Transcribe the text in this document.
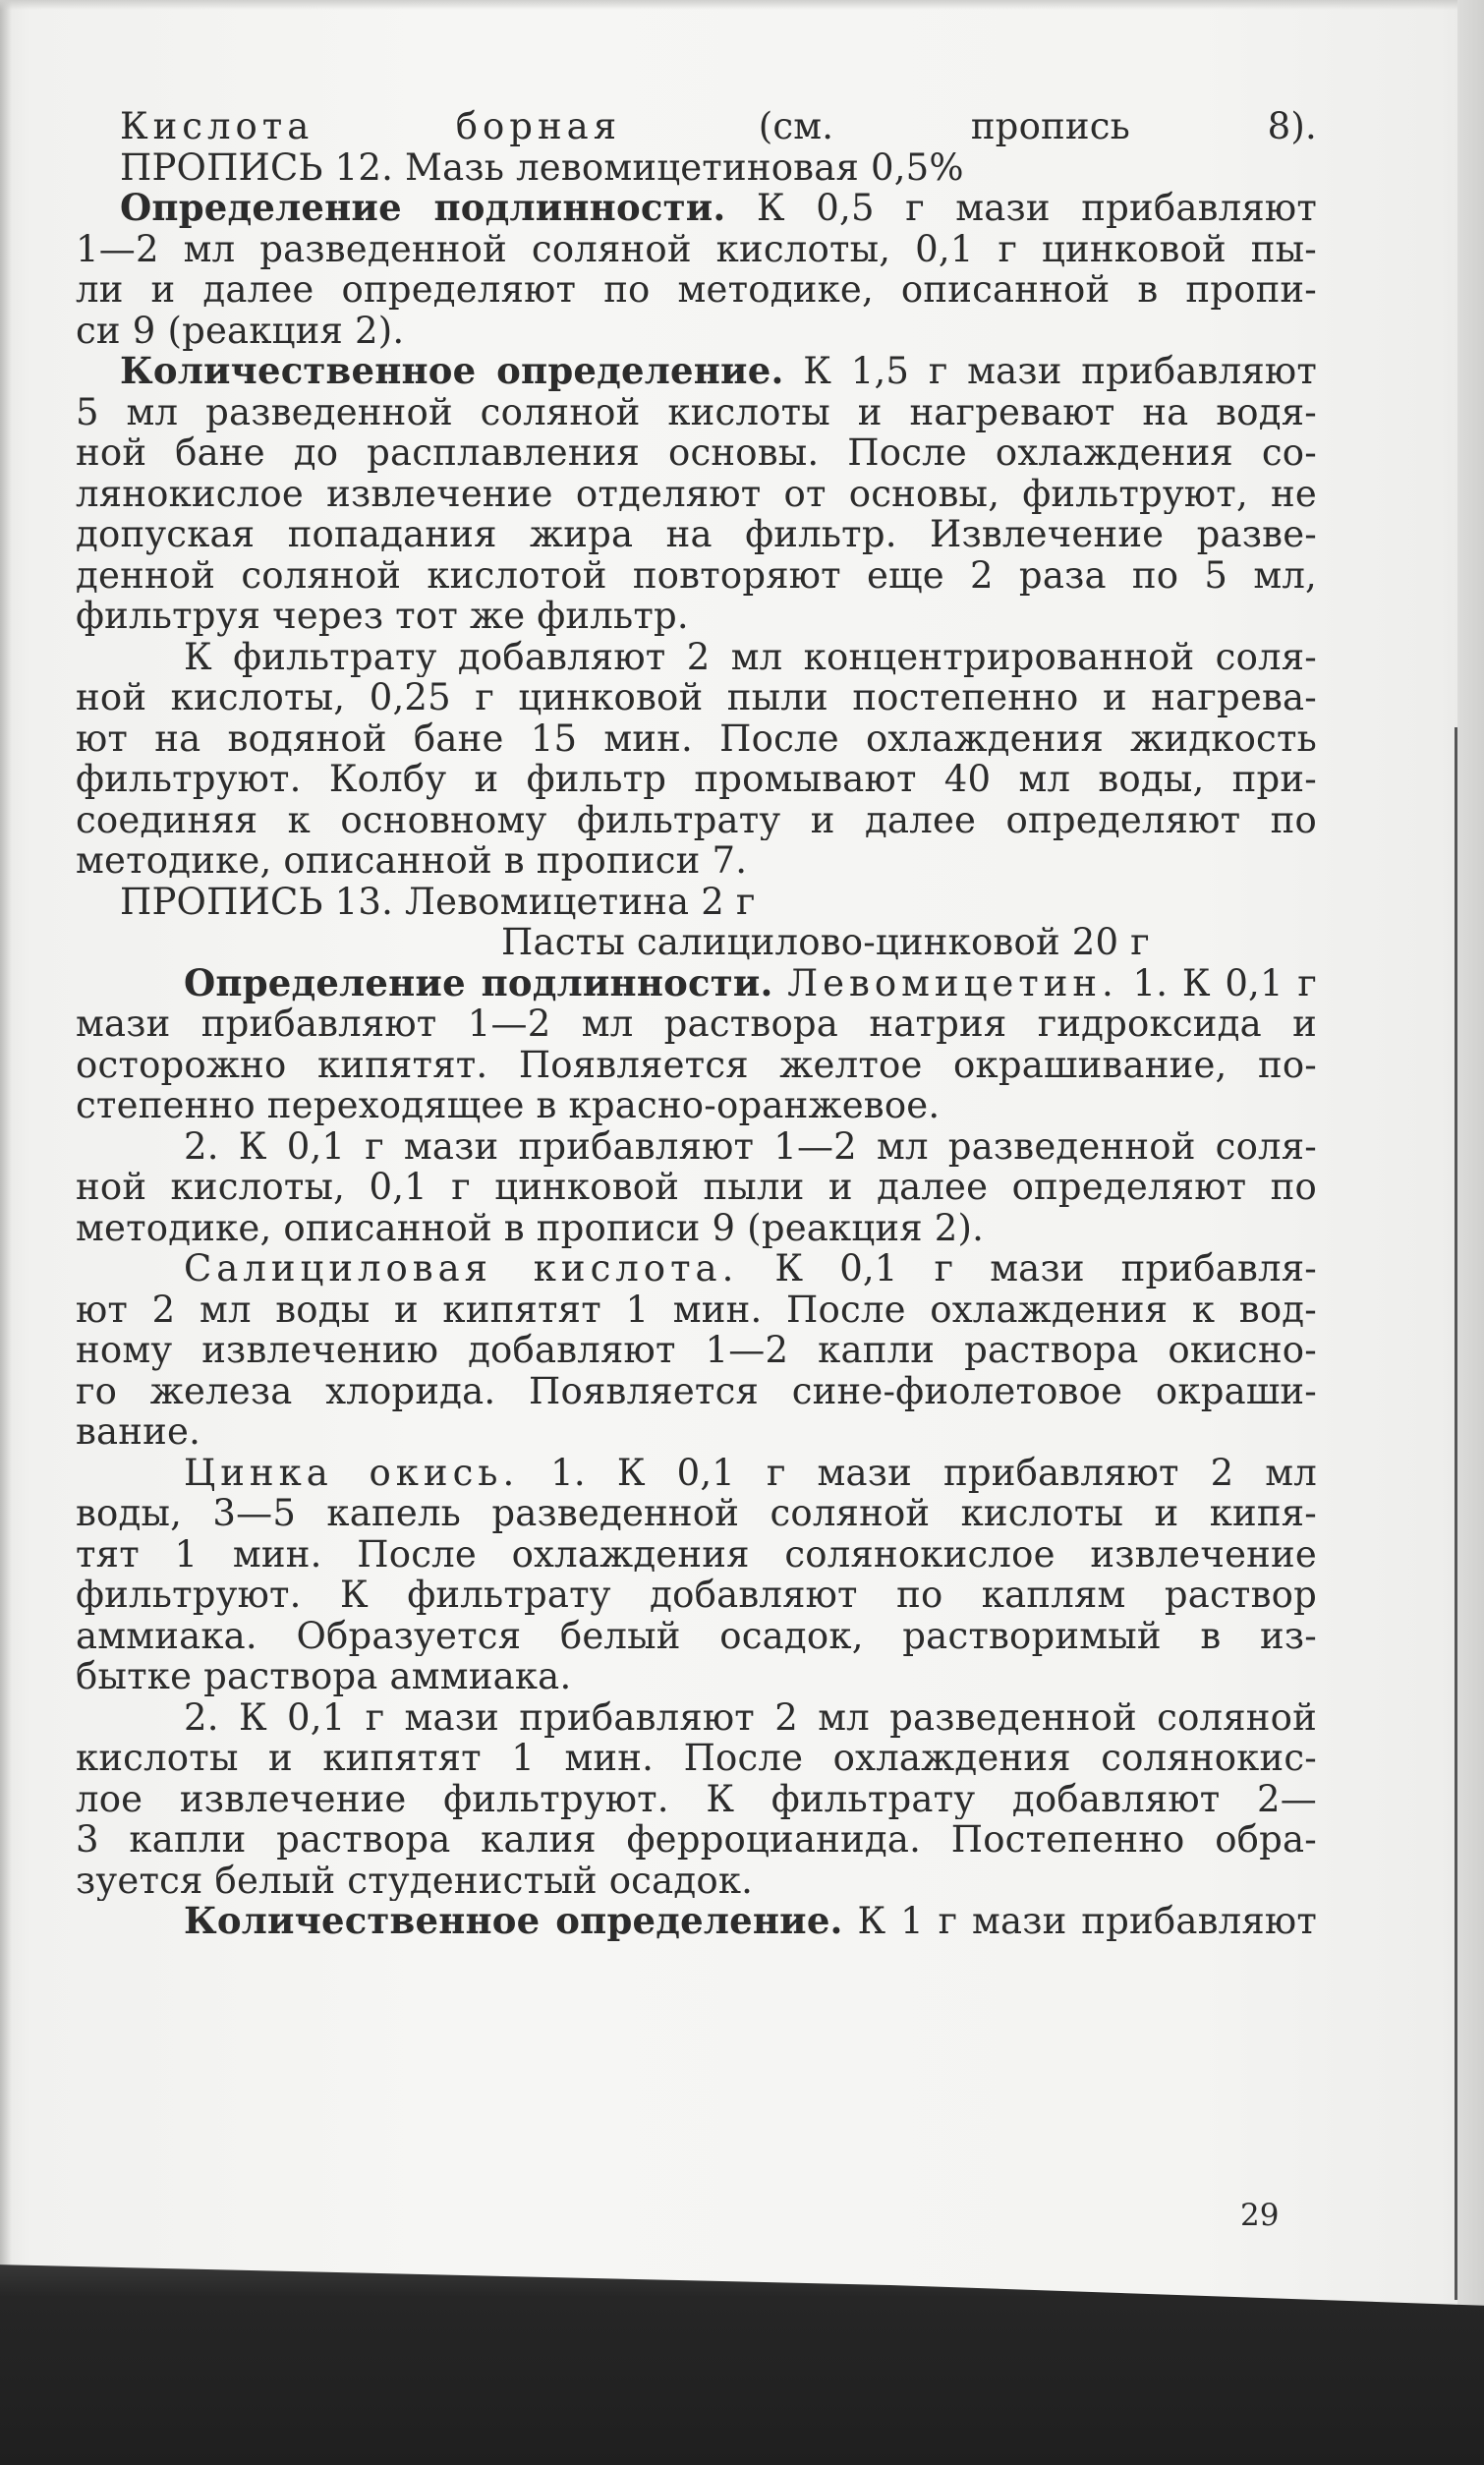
Кислота борная (см. пропись 8).
ПРОПИСЬ 12. Мазь левомицетиновая 0,5%
Определение подлинности. К 0,5 г мази прибавляют
1—2 мл разведенной соляной кислоты, 0,1 г цинковой пы-
ли и далее определяют по методике, описанной в пропи-
си 9 (реакция 2).
Количественное определение. К 1,5 г мази прибавляют
5 мл разведенной соляной кислоты и нагревают на водя-
ной бане до расплавления основы. После охлаждения со-
лянокислое извлечение отделяют от основы, фильтруют, не
допуская попадания жира на фильтр. Извлечение разве-
денной соляной кислотой повторяют еще 2 раза по 5 мл,
фильтруя через тот же фильтр.
К фильтрату добавляют 2 мл концентрированной соля-
ной кислоты, 0,25 г цинковой пыли постепенно и нагрева-
ют на водяной бане 15 мин. После охлаждения жидкость
фильтруют. Колбу и фильтр промывают 40 мл воды, при-
соединяя к основному фильтрату и далее определяют по
методике, описанной в прописи 7.
ПРОПИСЬ 13. Левомицетина 2 г
Пасты салицилово-цинковой 20 г
Определение подлинности. Левомицетин. 1. К 0,1 г
мази прибавляют 1—2 мл раствора натрия гидроксида и
осторожно кипятят. Появляется желтое окрашивание, по-
степенно переходящее в красно-оранжевое.
2. К 0,1 г мази прибавляют 1—2 мл разведенной соля-
ной кислоты, 0,1 г цинковой пыли и далее определяют по
методике, описанной в прописи 9 (реакция 2).
Салициловая кислота. К 0,1 г мази прибавля-
ют 2 мл воды и кипятят 1 мин. После охлаждения к вод-
ному извлечению добавляют 1—2 капли раствора окисно-
го железа хлорида. Появляется сине-фиолетовое окраши-
вание.
Цинка окись. 1. К 0,1 г мази прибавляют 2 мл
воды, 3—5 капель разведенной соляной кислоты и кипя-
тят 1 мин. После охлаждения солянокислое извлечение
фильтруют. К фильтрату добавляют по каплям раствор
аммиака. Образуется белый осадок, растворимый в из-
бытке раствора аммиака.
2. К 0,1 г мази прибавляют 2 мл разведенной соляной
кислоты и кипятят 1 мин. После охлаждения солянокис-
лое извлечение фильтруют. К фильтрату добавляют 2—
3 капли раствора калия ферроцианида. Постепенно обра-
зуется белый студенистый осадок.
Количественное определение. К 1 г мази прибавляют
29
